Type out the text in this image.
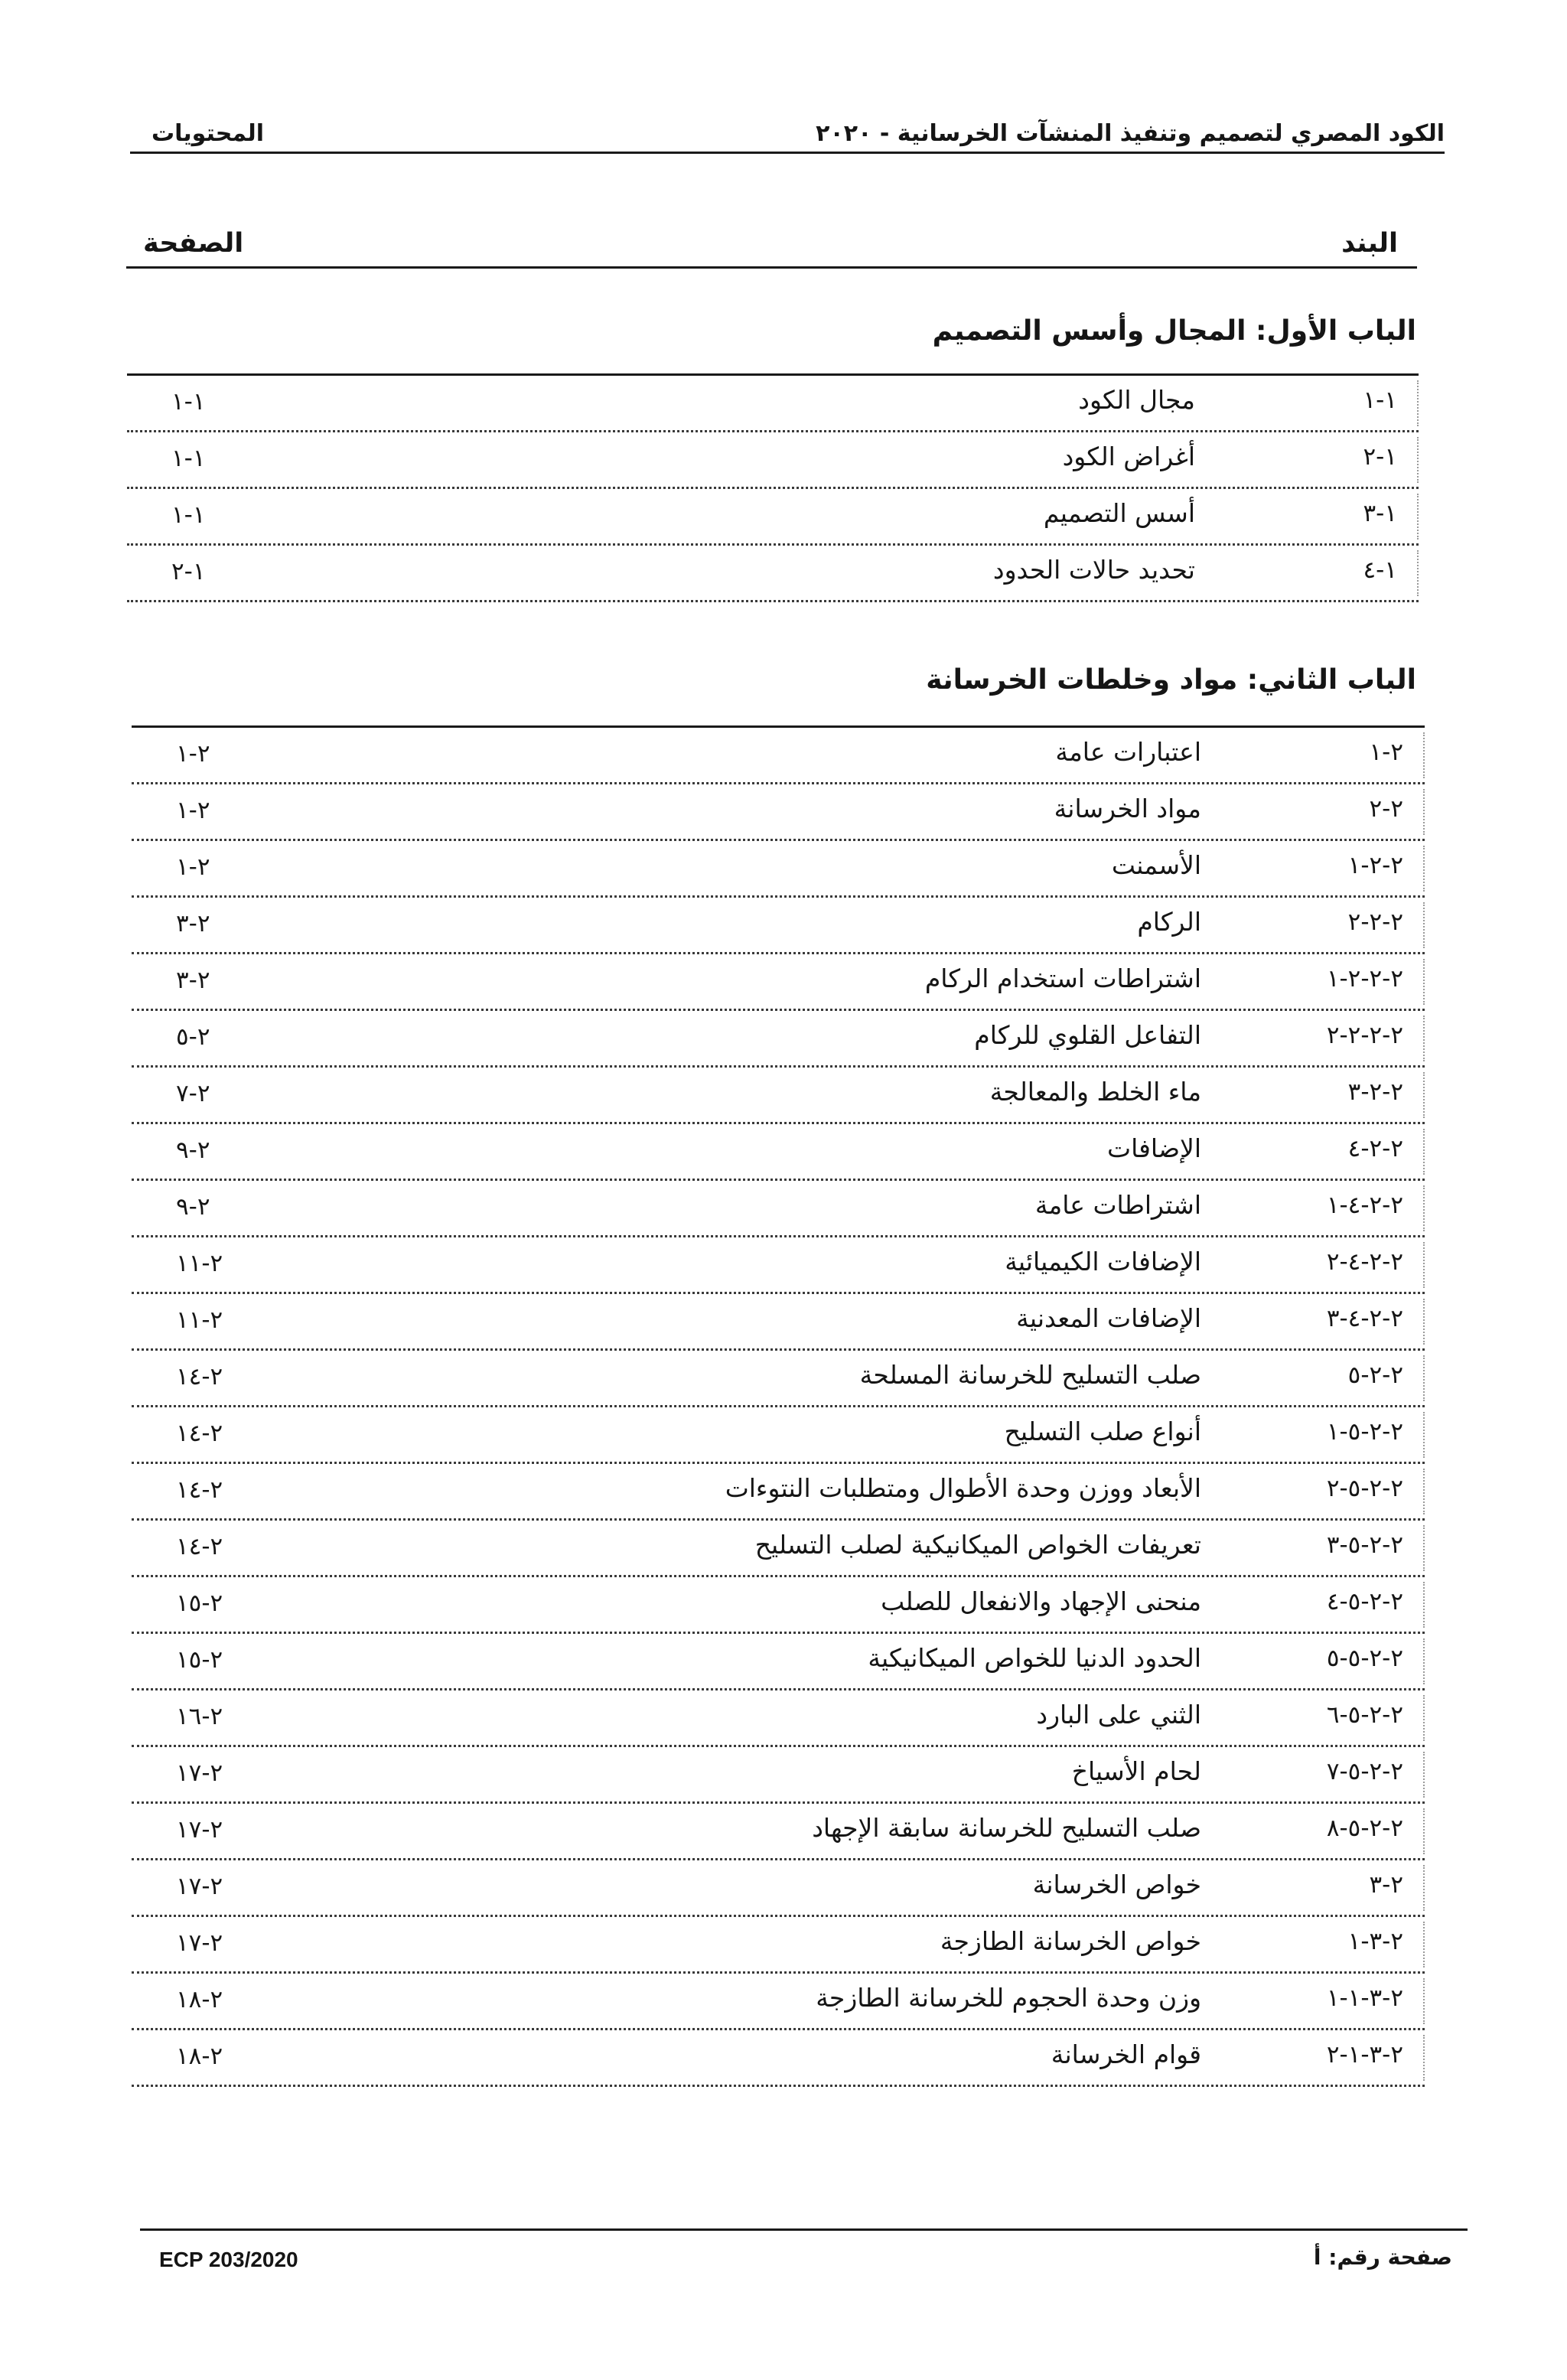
الكود المصري لتصميم وتنفيذ المنشآت الخرسانية - ٢٠٢٠
المحتويات
البند
الصفحة
الباب الأول: المجال وأسس التصميم
١-١
مجال الكود
١-١
١-٢
أغراض الكود
١-١
١-٣
أسس التصميم
١-١
١-٤
تحديد حالات الحدود
١-٢
الباب الثاني: مواد وخلطات الخرسانة
٢-١
اعتبارات عامة
٢-١
٢-٢
مواد الخرسانة
٢-١
٢-٢-١
الأسمنت
٢-١
٢-٢-٢
الركام
٢-٣
٢-٢-٢-١
اشتراطات استخدام الركام
٢-٣
٢-٢-٢-٢
التفاعل القلوي للركام
٢-٥
٢-٢-٣
ماء الخلط والمعالجة
٢-٧
٢-٢-٤
الإضافات
٢-٩
٢-٢-٤-١
اشتراطات عامة
٢-٩
٢-٢-٤-٢
الإضافات الكيميائية
٢-١١
٢-٢-٤-٣
الإضافات المعدنية
٢-١١
٢-٢-٥
صلب التسليح للخرسانة المسلحة
٢-١٤
٢-٢-٥-١
أنواع صلب التسليح
٢-١٤
٢-٢-٥-٢
الأبعاد ووزن وحدة الأطوال ومتطلبات النتوءات
٢-١٤
٢-٢-٥-٣
تعريفات الخواص الميكانيكية لصلب التسليح
٢-١٤
٢-٢-٥-٤
منحنى الإجهاد والانفعال للصلب
٢-١٥
٢-٢-٥-٥
الحدود الدنيا للخواص الميكانيكية
٢-١٥
٢-٢-٥-٦
الثني على البارد
٢-١٦
٢-٢-٥-٧
لحام الأسياخ
٢-١٧
٢-٢-٥-٨
صلب التسليح للخرسانة سابقة الإجهاد
٢-١٧
٢-٣
خواص الخرسانة
٢-١٧
٢-٣-١
خواص الخرسانة الطازجة
٢-١٧
٢-٣-١-١
وزن وحدة الحجوم للخرسانة الطازجة
٢-١٨
٢-٣-١-٢
قوام الخرسانة
٢-١٨
صفحة رقم: أ
ECP 203/2020
